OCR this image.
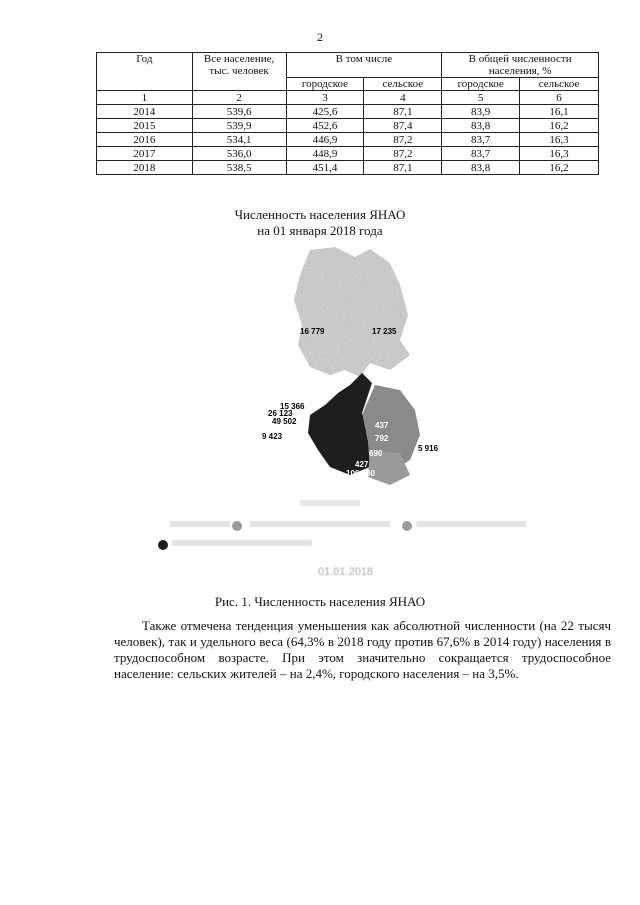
2
Год	Все население, тыс. человек	В том числе		В общей численности населения, %	
		городское	сельское	городское	сельское
1	2	3	4	5	6
2014	539,6	425,6	87,1	83,9	16,1
2015	539,9	452,6	87,4	83,8	16,2
2016	534,1	446,9	87,2	83,7	16,3
2017	536,0	448,9	87,2	83,7	16,3
2018	538,5	451,4	87,1	83,8	16,2
Численность населения ЯНАО
на 01 января 2018 года
16 779	17 235
15 366
26 123
49 502
9 423
5 916
437
792
690
427
106 230
01.01.2018
Рис. 1. Численность населения ЯНАО

Также отмечена тенденция уменьшения как абсолютной численности (на 22 тысяч человек), так и удельного веса (64,3% в 2018 году против 67,6% в 2014 году) населения в трудоспособном возрасте. При этом значительно сокращается трудоспособное население: сельских жителей – на 2,4%, городского населения – на 3,5%.
